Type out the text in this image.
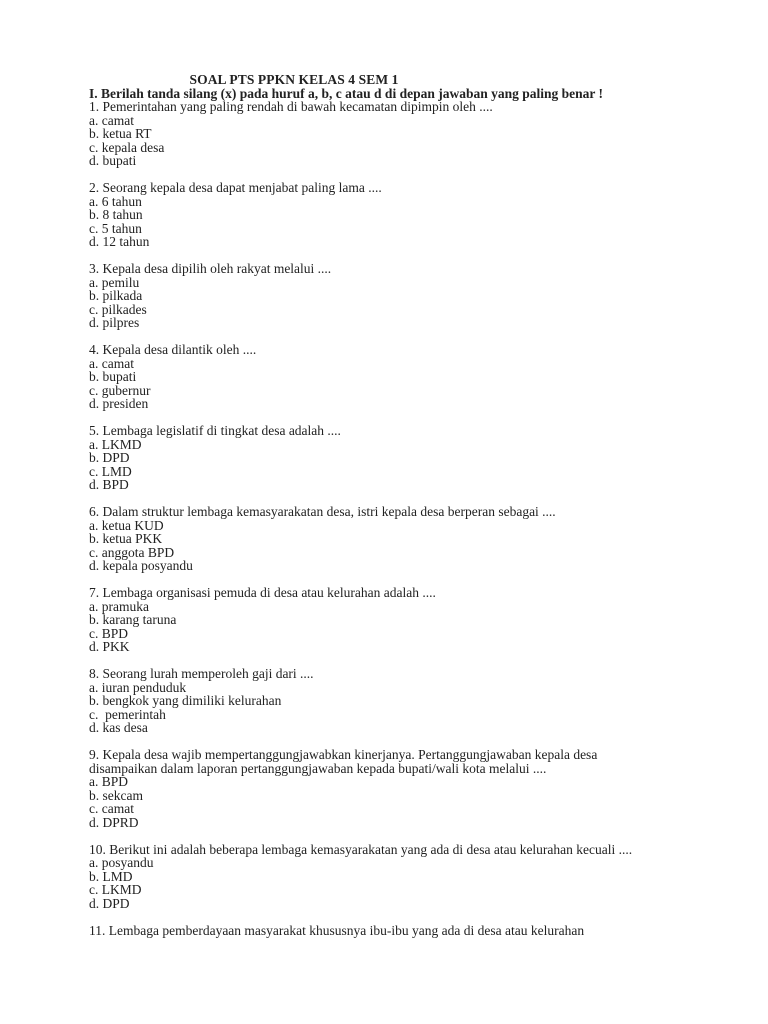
SOAL PTS PPKN KELAS 4 SEM 1
I. Berilah tanda silang (x) pada huruf a, b, c atau d di depan jawaban yang paling benar !
1. Pemerintahan yang paling rendah di bawah kecamatan dipimpin oleh ....
a. camat
b. ketua RT
c. kepala desa
d. bupati
2. Seorang kepala desa dapat menjabat paling lama ....
a. 6 tahun
b. 8 tahun
c. 5 tahun
d. 12 tahun
3. Kepala desa dipilih oleh rakyat melalui ....
a. pemilu
b. pilkada
c. pilkades
d. pilpres
4. Kepala desa dilantik oleh ....
a. camat
b. bupati
c. gubernur
d. presiden
5. Lembaga legislatif di tingkat desa adalah ....
a. LKMD
b. DPD
c. LMD
d. BPD
6. Dalam struktur lembaga kemasyarakatan desa, istri kepala desa berperan sebagai ....
a. ketua KUD
b. ketua PKK
c. anggota BPD
d. kepala posyandu
7. Lembaga organisasi pemuda di desa atau kelurahan adalah ....
a. pramuka
b. karang taruna
c. BPD
d. PKK
8. Seorang lurah memperoleh gaji dari ....
a. iuran penduduk
b. bengkok yang dimiliki kelurahan
c.  pemerintah
d. kas desa
9. Kepala desa wajib mempertanggungjawabkan kinerjanya. Pertanggungjawaban kepala desa disampaikan dalam laporan pertanggungjawaban kepada bupati/wali kota melalui ....
a. BPD
b. sekcam
c. camat
d. DPRD
10. Berikut ini adalah beberapa lembaga kemasyarakatan yang ada di desa atau kelurahan kecuali ....
a. posyandu
b. LMD
c. LKMD
d. DPD
11. Lembaga pemberdayaan masyarakat khususnya ibu-ibu yang ada di desa atau kelurahan
